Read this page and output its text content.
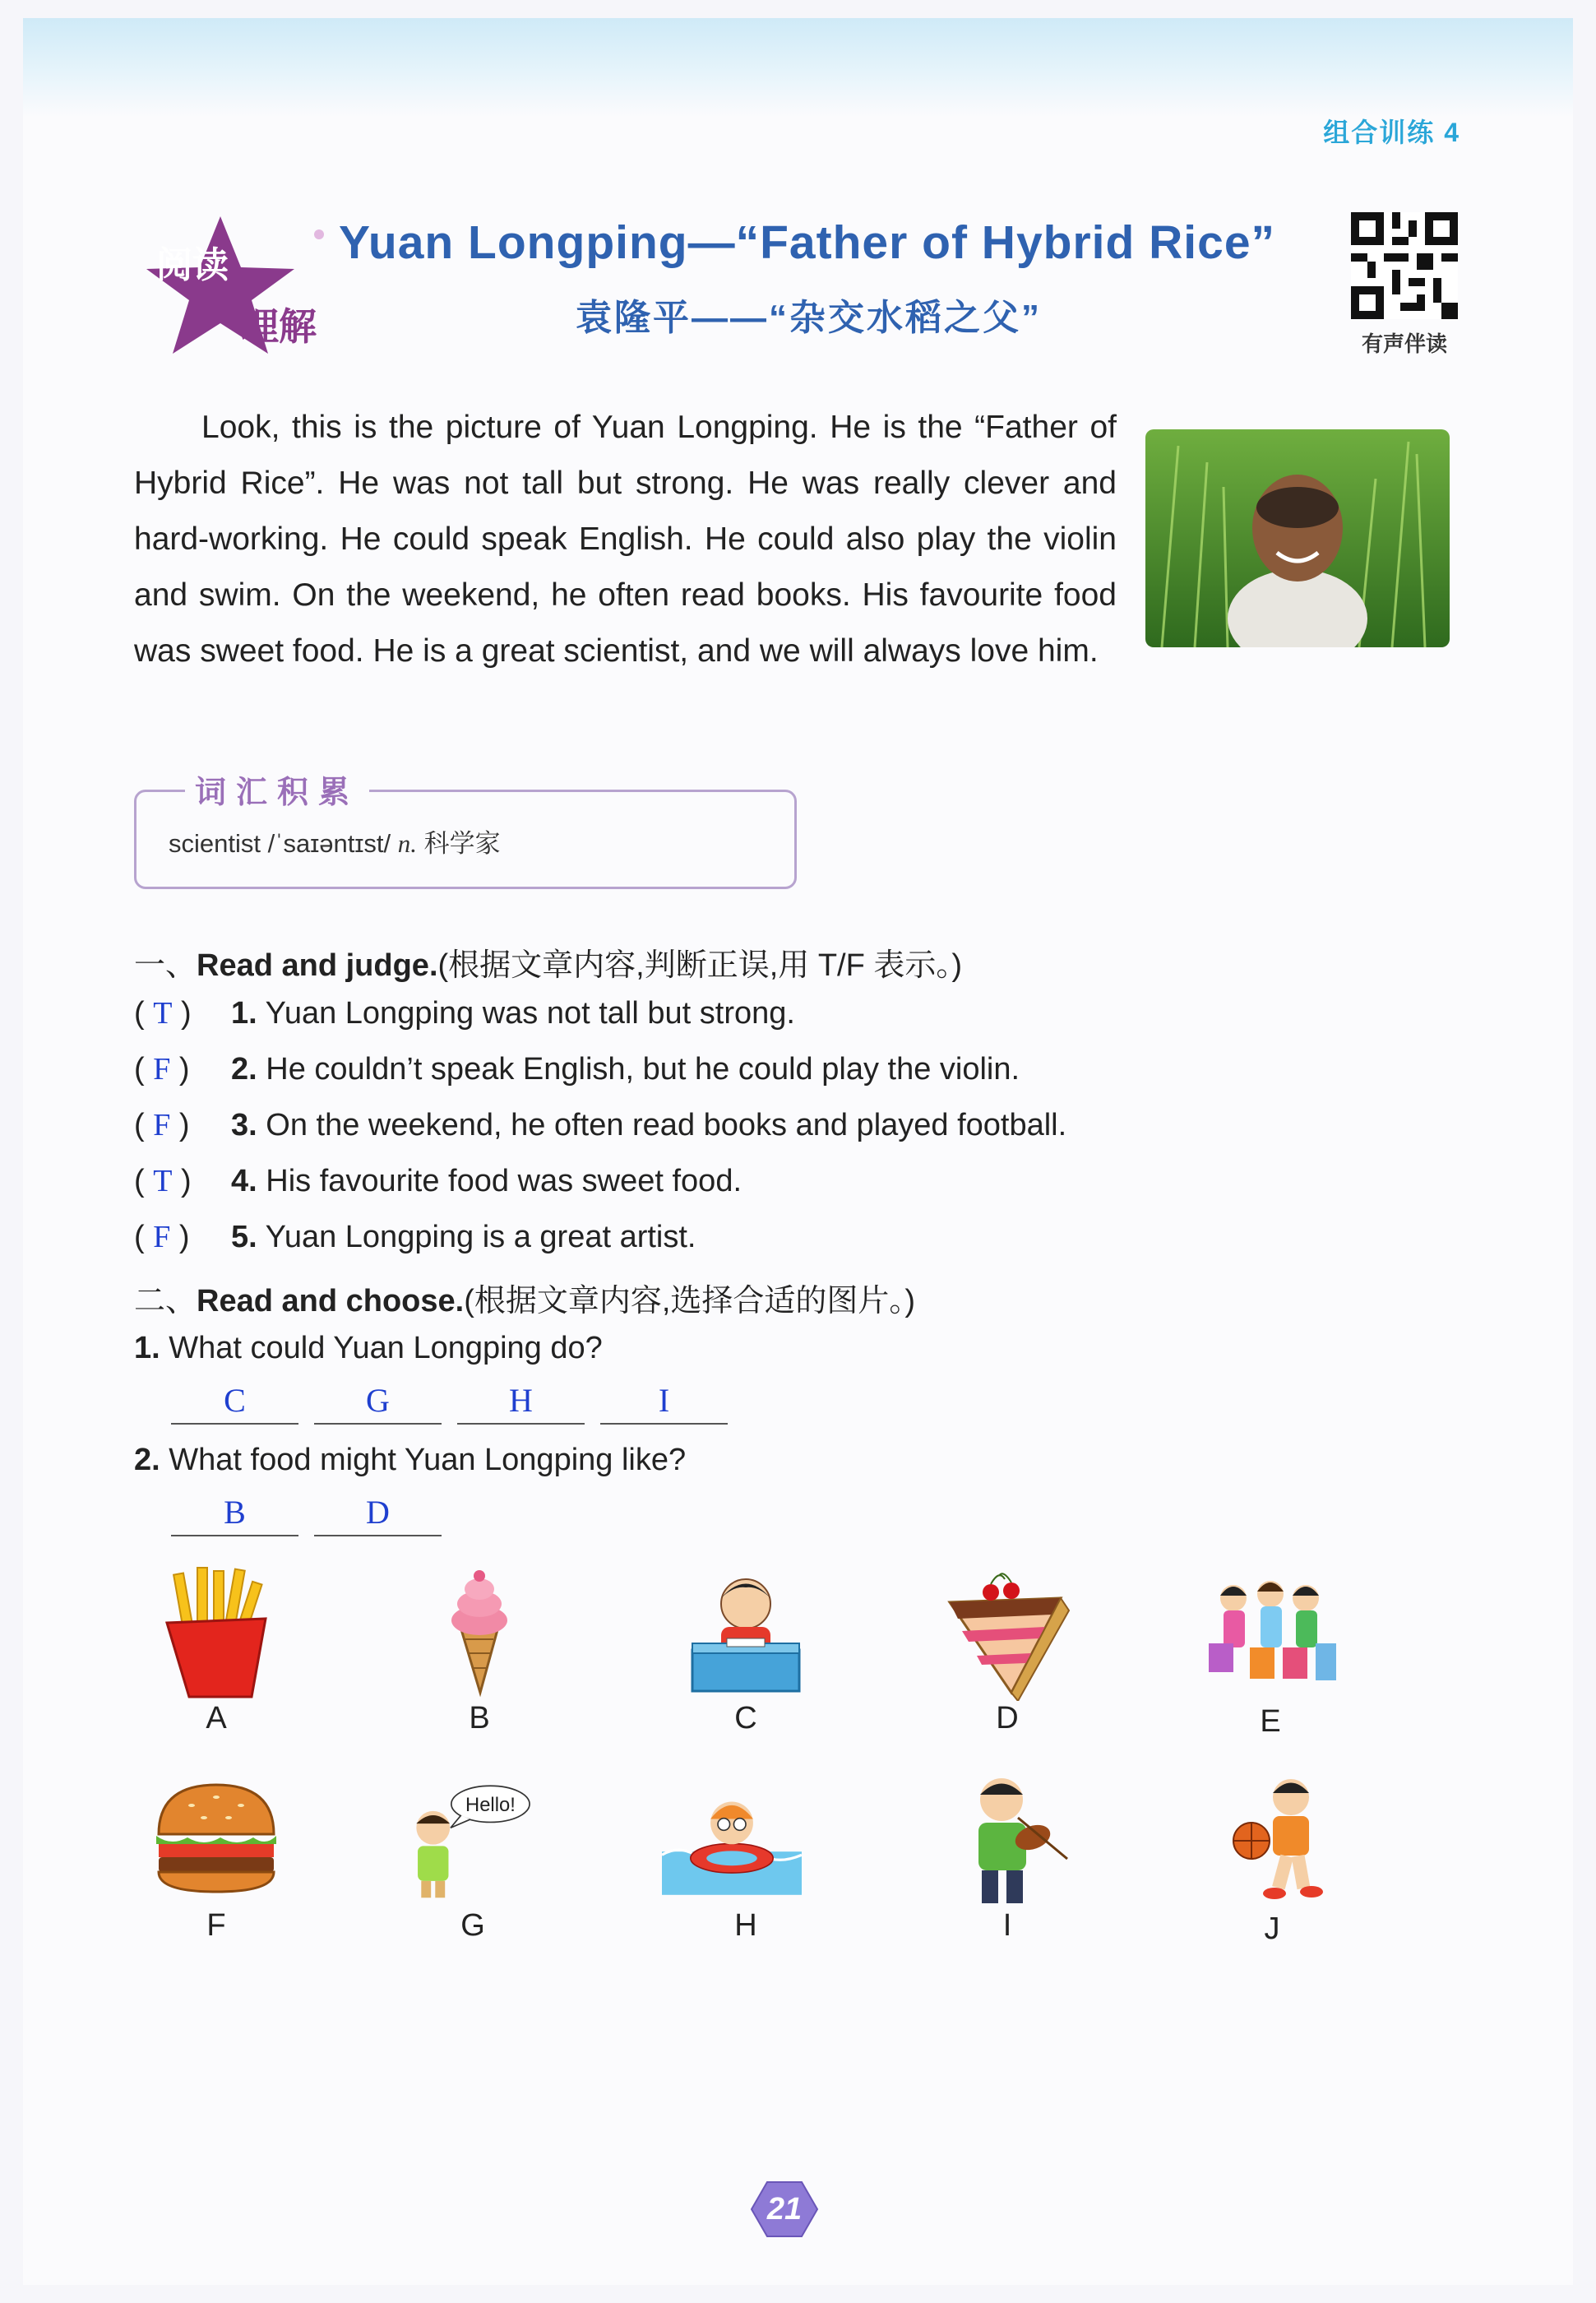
组合训练 4
阅读
理解
Yuan Longping—“Father of Hybrid Rice”
袁隆平——“杂交水稻之父”
有声伴读

Look, this is the picture of Yuan Longping. He is the “Father of Hybrid Rice”. He was not tall but strong. He was really clever and hard-working. He could speak English. He could also play the violin and swim. On the weekend, he often read books. His favourite food was sweet food. He is a great scientist, and we will always love him.

词汇积累
scientist /ˈsaɪəntɪst/ n. 科学家
一、Read and judge.(根据文章内容,判断正误,用 T/F 表示。)
( T ) 1. Yuan Longping was not tall but strong.
( F ) 2. He couldn’t speak English, but he could play the violin.
( F ) 3. On the weekend, he often read books and played football.
( T ) 4. His favourite food was sweet food.
( F ) 5. Yuan Longping is a great artist.
二、Read and choose.(根据文章内容,选择合适的图片。)
1. What could Yuan Longping do?
C	G	H	I
2. What food might Yuan Longping like?
B	D
A	B	C	D	E
F
Hello!
G	H	I	J
21
